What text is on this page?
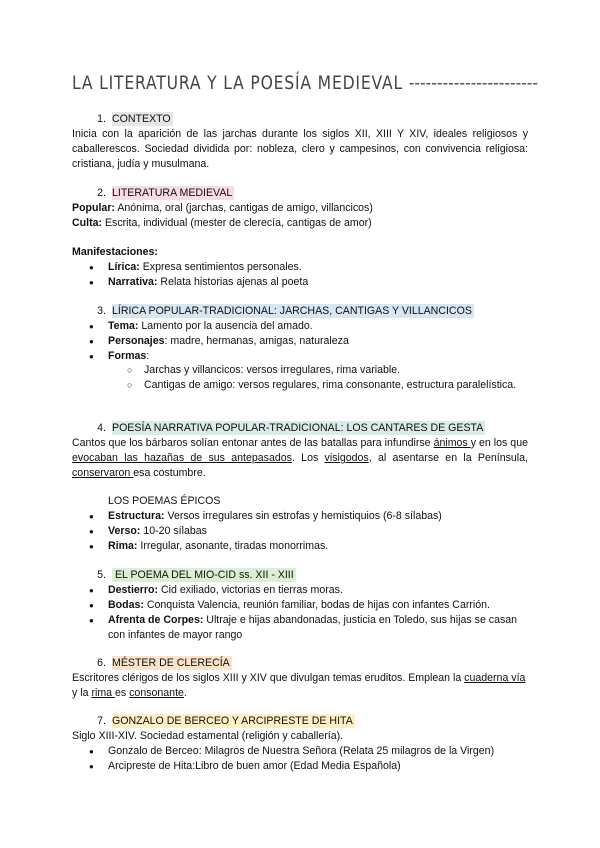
LA LITERATURA Y LA POESÍA MEDIEVAL -----------------------
1. CONTEXTO
Inicia con la aparición de las jarchas durante los siglos XII, XIII Y XIV, ideales religiosos y caballerescos. Sociedad dividida por: nobleza, clero y campesinos, con convivencia religiosa: cristiana, judía y musulmana.
2. LITERATURA MEDIEVAL
Popular: Anónima, oral (jarchas, cantigas de amigo, villancicos)
Culta: Escrita, individual (mester de clerecía, cantigas de amor)
Manifestaciones:
● Lírica: Expresa sentimientos personales.
● Narrativa: Relata historias ajenas al poeta
3. LÍRICA POPULAR-TRADICIONAL: JARCHAS, CANTIGAS Y VILLANCICOS
● Tema: Lamento por la ausencia del amado.
● Personajes: madre, hermanas, amigas, naturaleza
● Formas:
○ Jarchas y villancicos: versos irregulares, rima variable.
○ Cantigas de amigo: versos regulares, rima consonante, estructura paralelística.
4. POESÍA NARRATIVA POPULAR-TRADICIONAL: LOS CANTARES DE GESTA
Cantos que los bárbaros solían entonar antes de las batallas para infundirse ánimos y en los que evocaban las hazañas de sus antepasados. Los visigodos, al asentarse en la Península, conservaron esa costumbre.
LOS POEMAS ÉPICOS
● Estructura: Versos irregulares sin estrofas y hemistiquios (6-8 sílabas)
● Verso: 10-20 sílabas
● Rima: Irregular, asonante, tiradas monorrimas.
5. EL POEMA DEL MIO-CID ss. XII - XIII
● Destierro: Cid exiliado, victorias en tierras moras.
● Bodas: Conquista Valencia, reunión familiar, bodas de hijas con infantes Carrión.
● Afrenta de Corpes: Ultraje e hijas abandonadas, justicia en Toledo, sus hijas se casan con infantes de mayor rango
6. MÉSTER DE CLERECÍA
Escritores clérigos de los siglos XIII y XIV que divulgan temas eruditos. Emplean la cuaderna vía y la rima es consonante.
7. GONZALO DE BERCEO Y ARCIPRESTE DE HITA
Siglo XIII-XIV. Sociedad estamental (religión y caballería).
● Gonzalo de Berceo: Milagros de Nuestra Señora (Relata 25 milagros de la Virgen)
● Arcipreste de Hita:Libro de buen amor (Edad Media Española)
